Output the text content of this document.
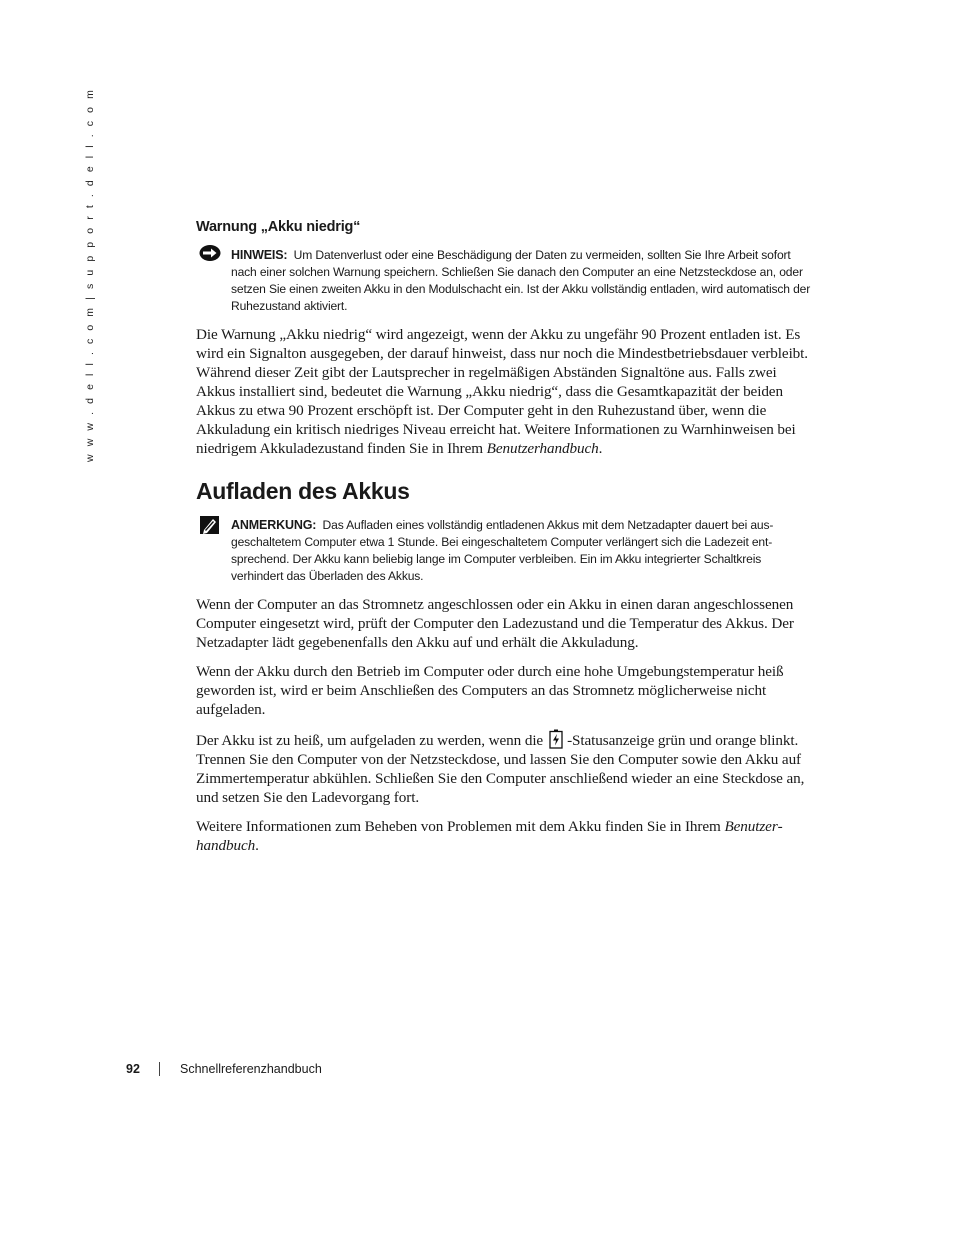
w w w . d e l l . c o m | s u p p o r t . d e l l . c o m	Warnung „Akku niedrig“
HINWEIS: Um Datenverlust oder eine Beschädigung der Daten zu vermeiden, sollten Sie Ihre Arbeit sofort nach einer solchen Warnung speichern. Schließen Sie danach den Computer an eine Netzsteckdose an, oder setzen Sie einen zweiten Akku in den Modulschacht ein. Ist der Akku vollständig entladen, wird automatisch der Ruhezustand aktiviert.

Die Warnung „Akku niedrig“ wird angezeigt, wenn der Akku zu ungefähr 90 Prozent entladen ist. Es wird ein Signalton ausgegeben, der darauf hinweist, dass nur noch die Mindestbetriebsdauer verbleibt. Während dieser Zeit gibt der Lautsprecher in regelmäßigen Abständen Signaltöne aus. Falls zwei Akkus installiert sind, bedeutet die Warnung „Akku niedrig“, dass die Gesamtkapazität der beiden Akkus zu etwa 90 Prozent erschöpft ist. Der Computer geht in den Ruhezustand über, wenn die Akkuladung ein kritisch niedriges Niveau erreicht hat. Weitere Informationen zu Warnhinweisen bei niedrigem Akkuladezustand finden Sie in Ihrem Benutzerhandbuch.

Aufladen des Akkus
ANMERKUNG: Das Aufladen eines vollständig entladenen Akkus mit dem Netzadapter dauert bei ausgeschaltetem Computer etwa 1 Stunde. Bei eingeschaltetem Computer verlängert sich die Ladezeit entsprechend. Der Akku kann beliebig lange im Computer verbleiben. Ein im Akku integrierter Schaltkreis verhindert das Überladen des Akkus.

Wenn der Computer an das Stromnetz angeschlossen oder ein Akku in einen daran angeschlossenen Computer eingesetzt wird, prüft der Computer den Ladezustand und die Temperatur des Akkus. Der Netzadapter lädt gegebenenfalls den Akku auf und erhält die Akkuladung.

Wenn der Akku durch den Betrieb im Computer oder durch eine hohe Umgebungstemperatur heiß geworden ist, wird er beim Anschließen des Computers an das Stromnetz möglicherweise nicht aufgeladen.

Der Akku ist zu heiß, um aufgeladen zu werden, wenn die -Statusanzeige grün und orange blinkt. Trennen Sie den Computer von der Netzsteckdose, und lassen Sie den Computer sowie den Akku auf Zimmertemperatur abkühlen. Schließen Sie den Computer anschließend wieder an eine Steckdose an, und setzen Sie den Ladevorgang fort.

Weitere Informationen zum Beheben von Problemen mit dem Akku finden Sie in Ihrem Benutzerhandbuch.

92	Schnellreferenzhandbuch
